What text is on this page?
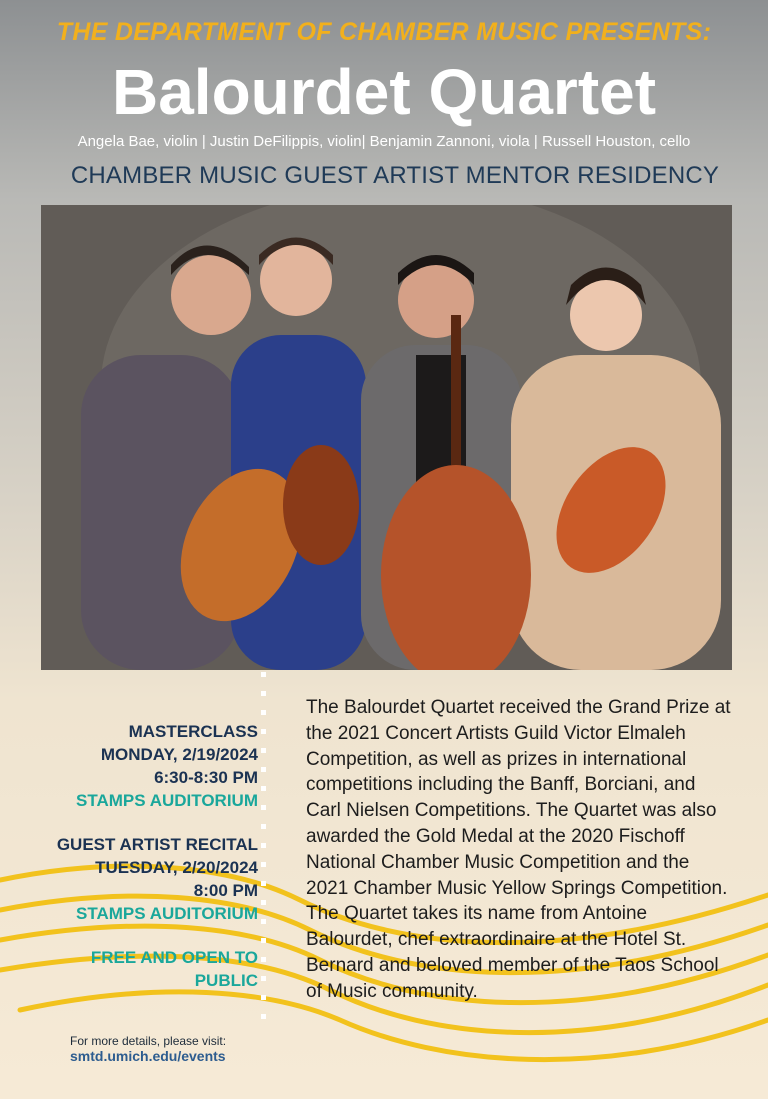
THE DEPARTMENT OF CHAMBER MUSIC PRESENTS:
Balourdet Quartet
Angela Bae, violin | Justin DeFilippis, violin| Benjamin Zannoni, viola | Russell Houston, cello
CHAMBER MUSIC GUEST ARTIST MENTOR RESIDENCY
MASTERCLASS
MONDAY, 2/19/2024
6:30-8:30 PM
STAMPS AUDITORIUM
GUEST ARTIST RECITAL
TUESDAY, 2/20/2024
8:00 PM
STAMPS AUDITORIUM
FREE AND OPEN TO
PUBLIC
The Balourdet Quartet received the Grand Prize at the 2021 Concert Artists Guild Victor Elmaleh Competition, as well as prizes in international competitions including the Banff, Borciani, and Carl Nielsen Competitions. The Quartet was also awarded the Gold Medal at the 2020 Fischoff National Chamber Music Competition and the 2021 Chamber Music Yellow Springs Competition. The Quartet takes its name from Antoine Balourdet, chef extraordinaire at the Hotel St. Bernard and beloved member of the Taos School of Music community.
For more details, please visit:
smtd.umich.edu/events
